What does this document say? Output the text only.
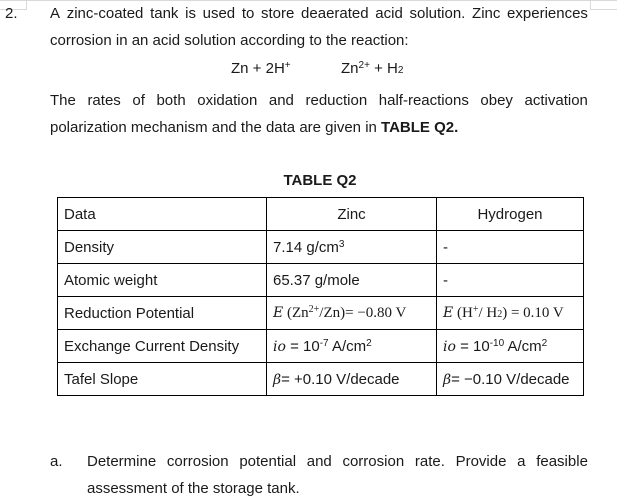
2. A zinc-coated tank is used to store deaerated acid solution. Zinc experiences
corrosion in an acid solution according to the reaction:
Zn + 2H+	$Zn^{2+} + H2$
The rates of both oxidation and reduction half-reactions obey activation
polarization mechanism and the data are given in TABLE Q2.
TABLE Q2
Data	Zinc	Hydrogen
Density	7.14 $g/cm^3$	-
Atomic weight	65.37 g/mole	-
Reduction Potential	E $(Zn^{2+}/Zn)= -0.80$ V	E (H+/ H2) = 0.10 V
Exchange Current Density	io = $10^{-7}$ $A/cm^2$	io = $10^{-10}$ $A/cm^2$
Tafel Slope	β= +0.10 V/decade	β= −0.10 V/decade
a. Determine corrosion potential and corrosion rate. Provide a feasible
assessment of the storage tank.
